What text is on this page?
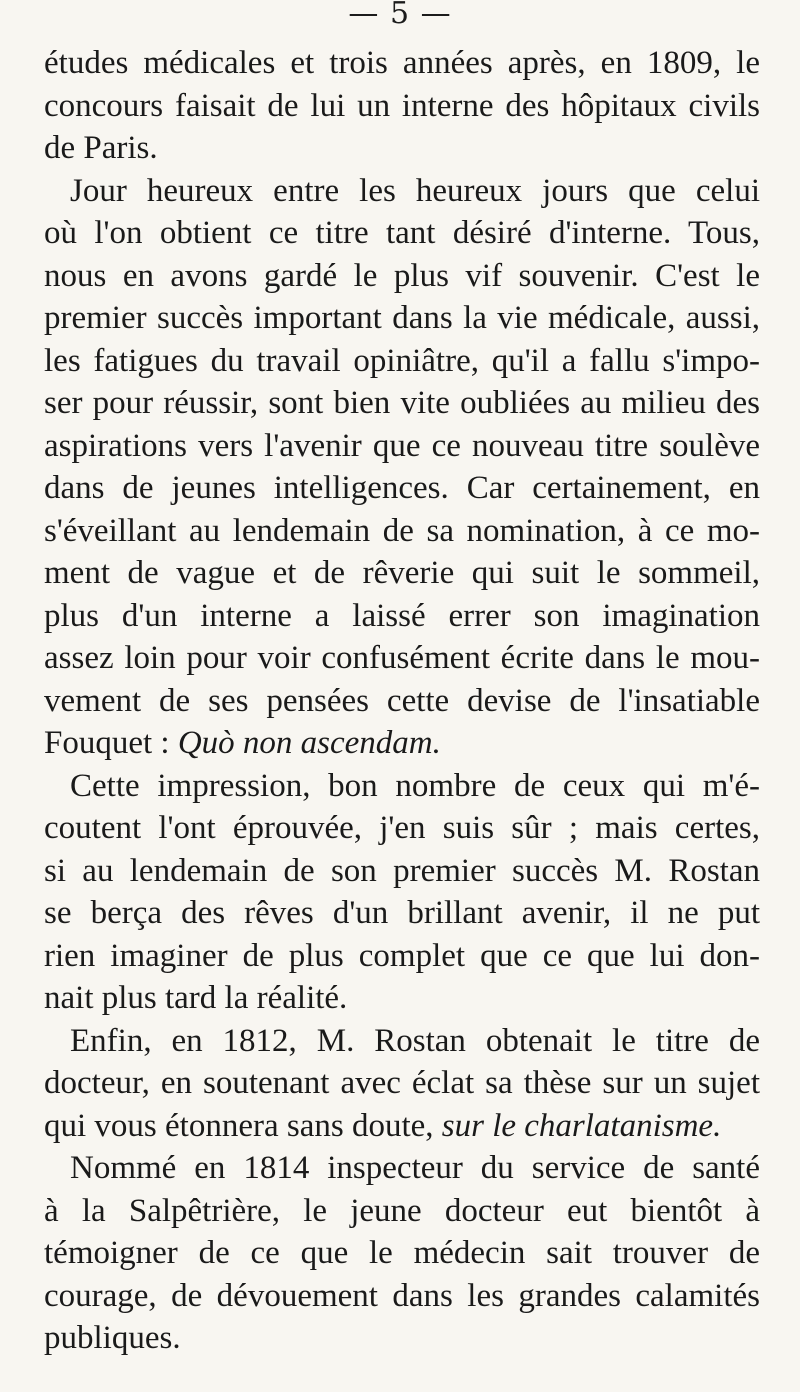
— 5 —
études médicales et trois années après, en 1809, le
concours faisait de lui un interne des hôpitaux civils
de Paris.
Jour heureux entre les heureux jours que celui
où l'on obtient ce titre tant désiré d'interne. Tous,
nous en avons gardé le plus vif souvenir. C'est le
premier succès important dans la vie médicale, aussi,
les fatigues du travail opiniâtre, qu'il a fallu s'impo-
ser pour réussir, sont bien vite oubliées au milieu des
aspirations vers l'avenir que ce nouveau titre soulève
dans de jeunes intelligences. Car certainement, en
s'éveillant au lendemain de sa nomination, à ce mo-
ment de vague et de rêverie qui suit le sommeil,
plus d'un interne a laissé errer son imagination
assez loin pour voir confusément écrite dans le mou-
vement de ses pensées cette devise de l'insatiable
Fouquet : Quò non ascendam.
Cette impression, bon nombre de ceux qui m'é-
coutent l'ont éprouvée, j'en suis sûr ; mais certes,
si au lendemain de son premier succès M. Rostan
se berça des rêves d'un brillant avenir, il ne put
rien imaginer de plus complet que ce que lui don-
nait plus tard la réalité.
Enfin, en 1812, M. Rostan obtenait le titre de
docteur, en soutenant avec éclat sa thèse sur un sujet
qui vous étonnera sans doute, sur le charlatanisme.
Nommé en 1814 inspecteur du service de santé
à la Salpêtrière, le jeune docteur eut bientôt à
témoigner de ce que le médecin sait trouver de
courage, de dévouement dans les grandes calamités
publiques.
